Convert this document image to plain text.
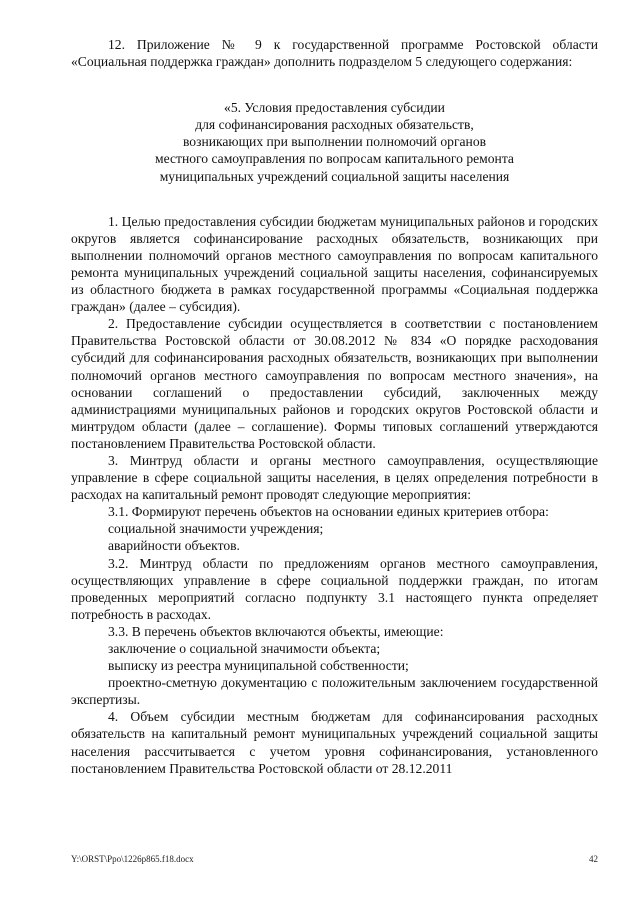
12. Приложение № 9 к государственной программе Ростовской области «Социальная поддержка граждан» дополнить подразделом 5 следующего содержания:

«5. Условия предоставления субсидии
для софинансирования расходных обязательств,
возникающих при выполнении полномочий органов
местного самоуправления по вопросам капитального ремонта
муниципальных учреждений социальной защиты населения

1. Целью предоставления субсидии бюджетам муниципальных районов и городских округов является софинансирование расходных обязательств, возникающих при выполнении полномочий органов местного самоуправления по вопросам капитального ремонта муниципальных учреждений социальной защиты населения, софинансируемых из областного бюджета в рамках государственной программы «Социальная поддержка граждан» (далее – субсидия).

2. Предоставление субсидии осуществляется в соответствии с постановлением Правительства Ростовской области от 30.08.2012 № 834 «О порядке расходования субсидий для софинансирования расходных обязательств, возникающих при выполнении полномочий органов местного самоуправления по вопросам местного значения», на основании соглашений о предоставлении субсидий, заключенных между администрациями муниципальных районов и городских округов Ростовской области и минтрудом области (далее – соглашение). Формы типовых соглашений утверждаются постановлением Правительства Ростовской области.

3. Минтруд области и органы местного самоуправления, осуществляющие управление в сфере социальной защиты населения, в целях определения потребности в расходах на капитальный ремонт проводят следующие мероприятия:

3.1. Формируют перечень объектов на основании единых критериев отбора:

социальной значимости учреждения;

аварийности объектов.

3.2. Минтруд области по предложениям органов местного самоуправления, осуществляющих управление в сфере социальной поддержки граждан, по итогам проведенных мероприятий согласно подпункту 3.1 настоящего пункта определяет потребность в расходах.

3.3. В перечень объектов включаются объекты, имеющие:

заключение о социальной значимости объекта;

выписку из реестра муниципальной собственности;

проектно-сметную документацию с положительным заключением государственной экспертизы.

4. Объем субсидии местным бюджетам для софинансирования расходных обязательств на капитальный ремонт муниципальных учреждений социальной защиты населения рассчитывается с учетом уровня софинансирования, установленного постановлением Правительства Ростовской области от 28.12.2011

Y:\ORST\Ppo\1226p865.f18.docx	42
